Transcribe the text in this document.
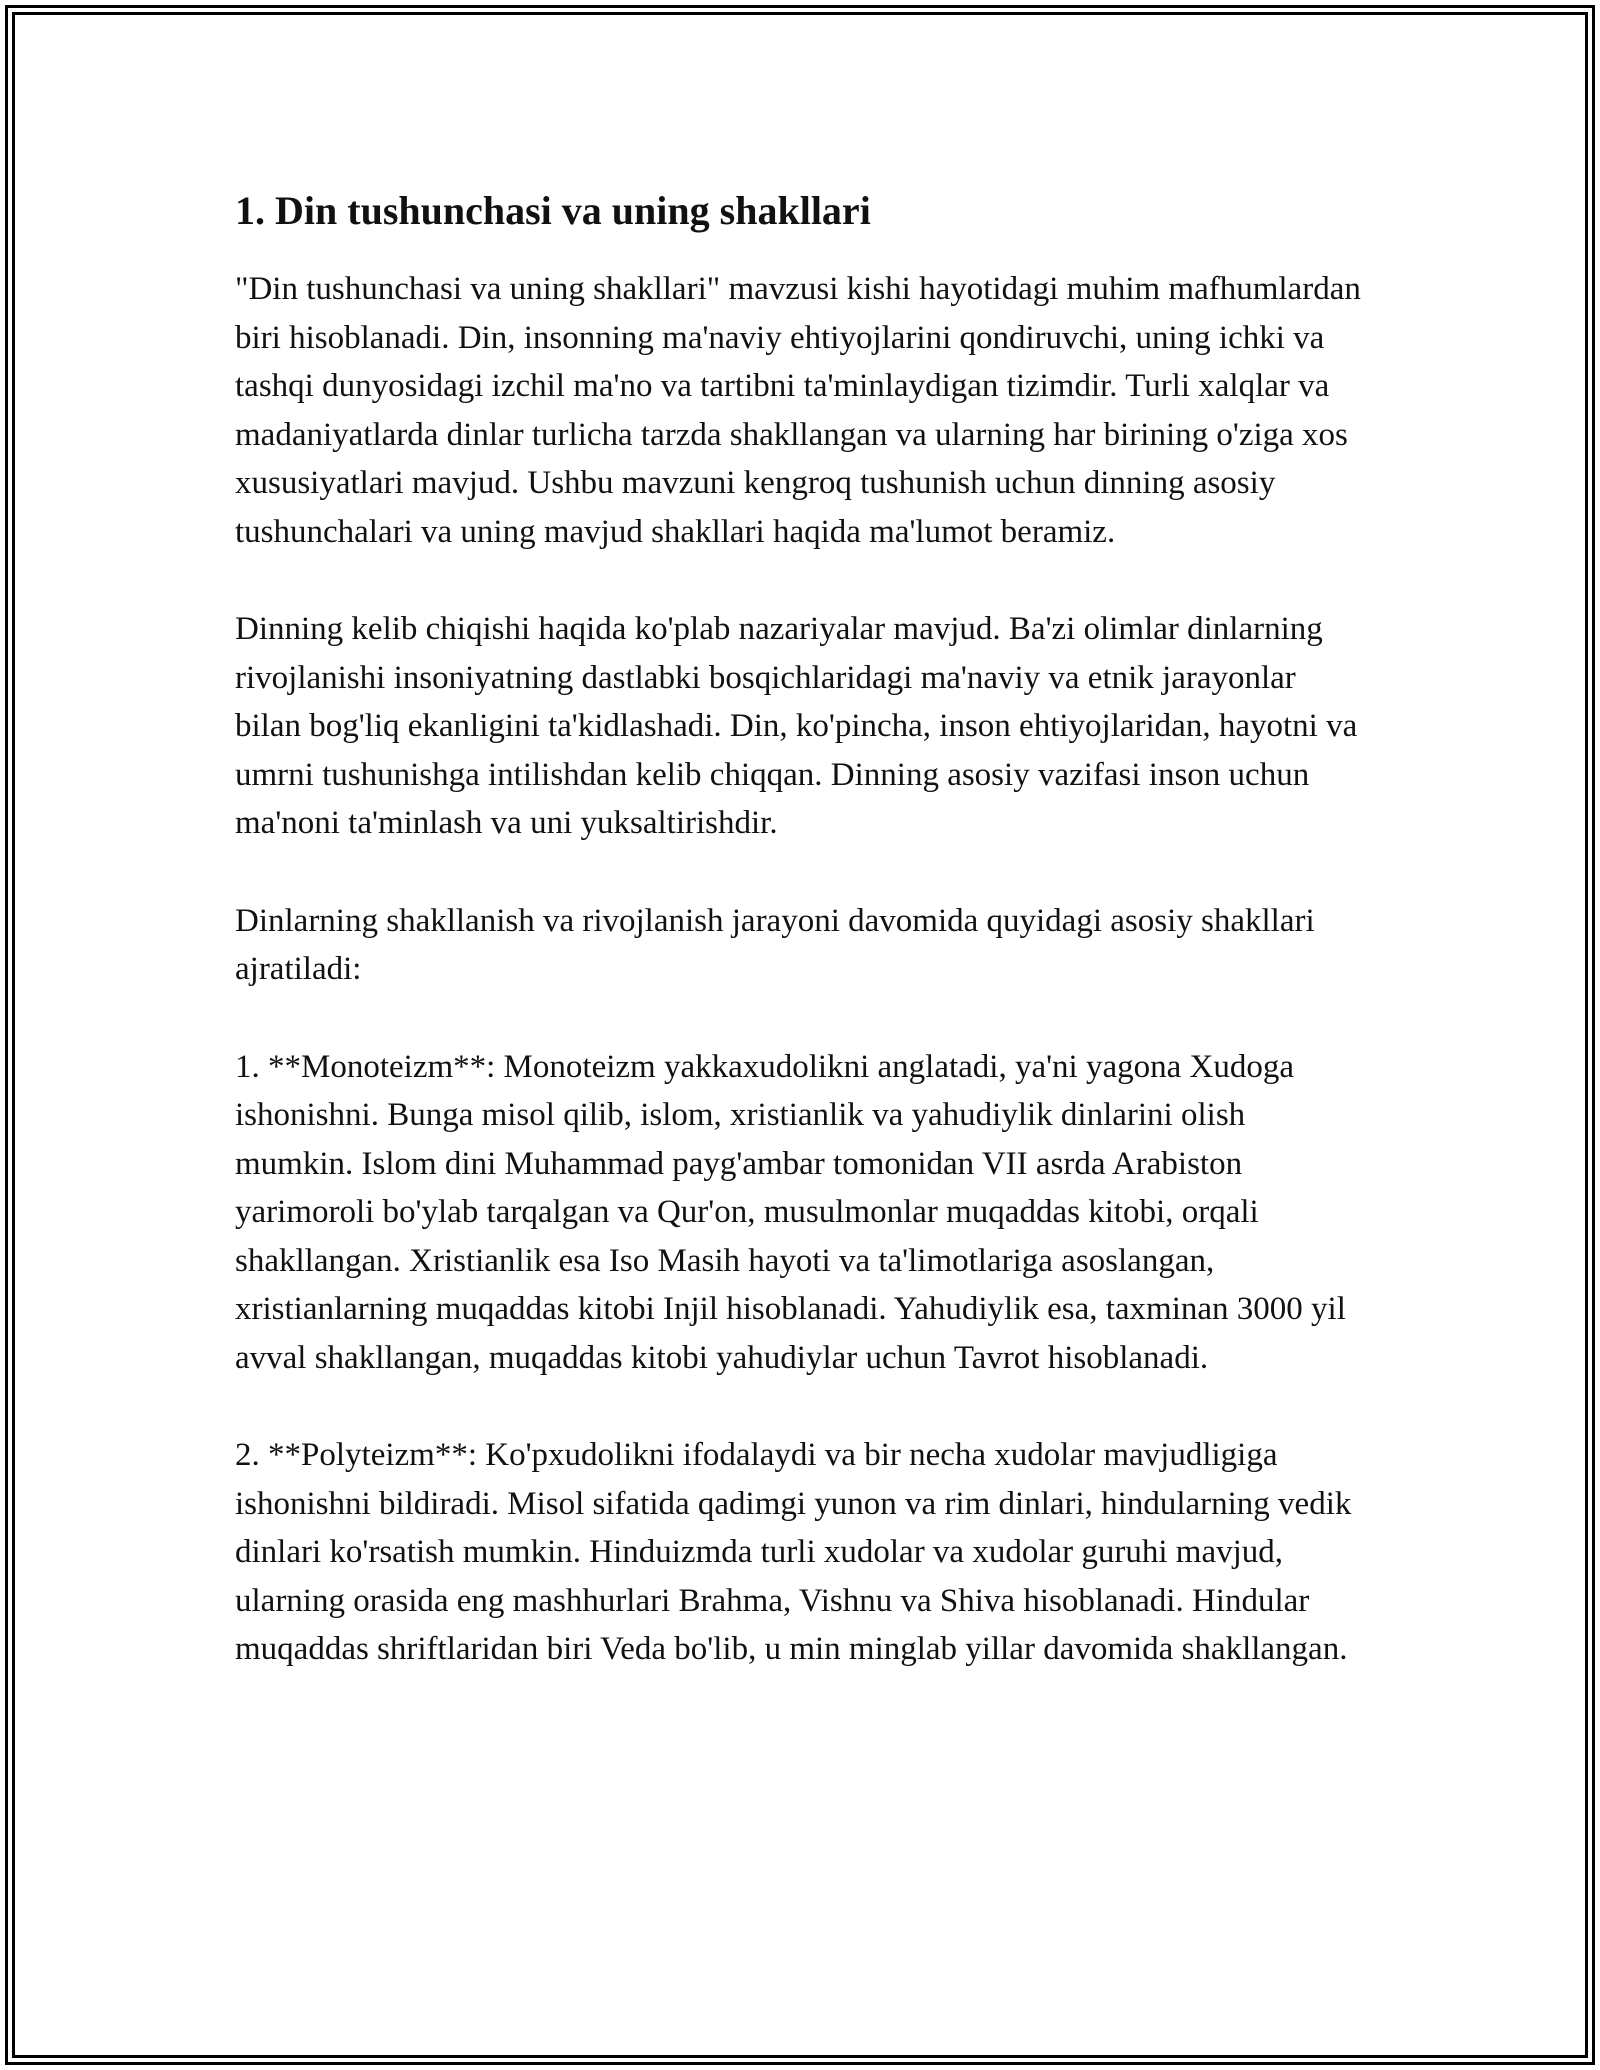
1. Din tushunchasi va uning shakllari

"Din tushunchasi va uning shakllari" mavzusi kishi hayotidagi muhim mafhumlardan biri hisoblanadi. Din, insonning ma'naviy ehtiyojlarini qondiruvchi, uning ichki va tashqi dunyosidagi izchil ma'no va tartibni ta'minlaydigan tizimdir. Turli xalqlar va madaniyatlarda dinlar turlicha tarzda shakllangan va ularning har birining o'ziga xos xususiyatlari mavjud. Ushbu mavzuni kengroq tushunish uchun dinning asosiy tushunchalari va uning mavjud shakllari haqida ma'lumot beramiz.

Dinning kelib chiqishi haqida ko'plab nazariyalar mavjud. Ba'zi olimlar dinlarning rivojlanishi insoniyatning dastlabki bosqichlaridagi ma'naviy va etnik jarayonlar bilan bog'liq ekanligini ta'kidlashadi. Din, ko'pincha, inson ehtiyojlaridan, hayotni va umrni tushunishga intilishdan kelib chiqqan. Dinning asosiy vazifasi inson uchun ma'noni ta'minlash va uni yuksaltirishdir.

Dinlarning shakllanish va rivojlanish jarayoni davomida quyidagi asosiy shakllari ajratiladi:

1. **Monoteizm**: Monoteizm yakkaxudolikni anglatadi, ya'ni yagona Xudoga ishonishni. Bunga misol qilib, islom, xristianlik va yahudiylik dinlarini olish mumkin. Islom dini Muhammad payg'ambar tomonidan VII asrda Arabiston yarimoroli bo'ylab tarqalgan va Qur'on, musulmonlar muqaddas kitobi, orqali shakllangan. Xristianlik esa Iso Masih hayoti va ta'limotlariga asoslangan, xristianlarning muqaddas kitobi Injil hisoblanadi. Yahudiylik esa, taxminan 3000 yil avval shakllangan, muqaddas kitobi yahudiylar uchun Tavrot hisoblanadi.

2. **Polyteizm**: Ko'pxudolikni ifodalaydi va bir necha xudolar mavjudligiga ishonishni bildiradi. Misol sifatida qadimgi yunon va rim dinlari, hindularning vedik dinlari ko'rsatish mumkin. Hinduizmda turli xudolar va xudolar guruhi mavjud, ularning orasida eng mashhurlari Brahma, Vishnu va Shiva hisoblanadi. Hindular muqaddas shriftlaridan biri Veda bo'lib, u min minglab yillar davomida shakllangan.
